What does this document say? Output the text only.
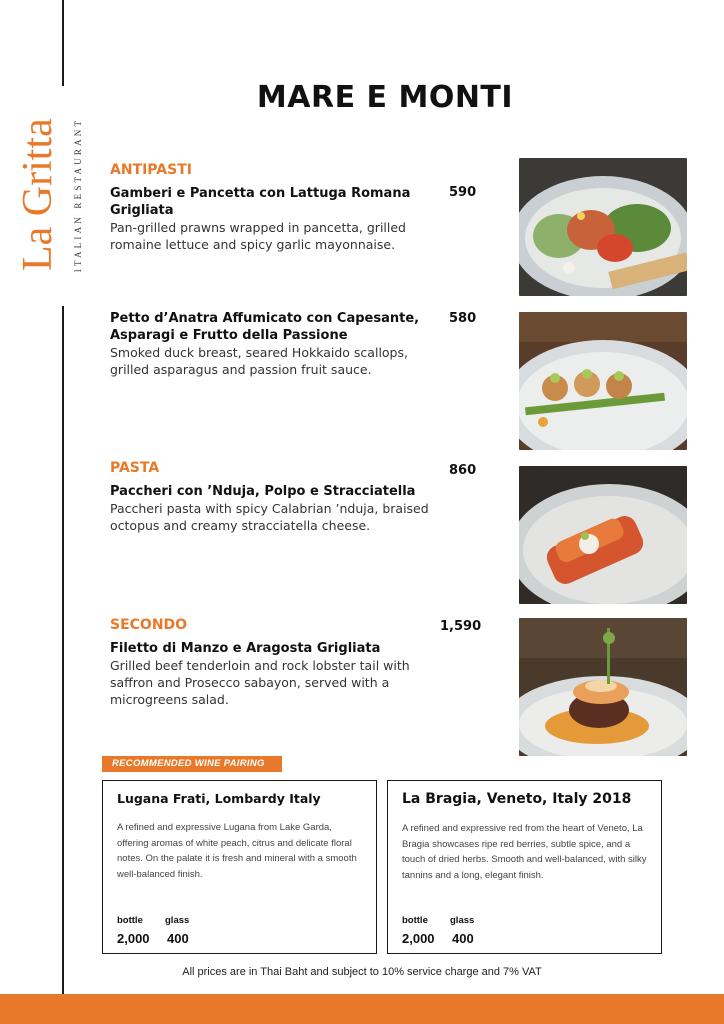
La Gritta ITALIAN RESTAURANT
MARE E MONTI
ANTIPASTI
Gamberi e Pancetta con Lattuga Romana Grigliata
Pan-grilled prawns wrapped in pancetta, grilled romaine lettuce and spicy garlic mayonnaise.
590
Petto d’Anatra Affumicato con Capesante, Asparagi e Frutto della Passione
Smoked duck breast, seared Hokkaido scallops, grilled asparagus and passion fruit sauce.
580
PASTA	860
Paccheri con ’Nduja, Polpo e Stracciatella
Paccheri pasta with spicy Calabrian ’nduja, braised octopus and creamy stracciatella cheese.
SECONDO	1,590
Filetto di Manzo e Aragosta Grigliata
Grilled beef tenderloin and rock lobster tail with saffron and Prosecco sabayon, served with a microgreens salad.
RECOMMENDED WINE PAIRING
Lugana Frati, Lombardy Italy
A refined and expressive Lugana from Lake Garda, offering aromas of white peach, citrus and delicate floral notes. On the palate it is fresh and mineral with a smooth well-balanced finish.
bottle glass
2,000 400
La Bragia, Veneto, Italy 2018
A refined and expressive red from the heart of Veneto, La Bragia showcases ripe red berries, subtle spice, and a touch of dried herbs. Smooth and well-balanced, with silky tannins and a long, elegant finish.
bottle glass
2,000 400
All prices are in Thai Baht and subject to 10% service charge and 7% VAT
